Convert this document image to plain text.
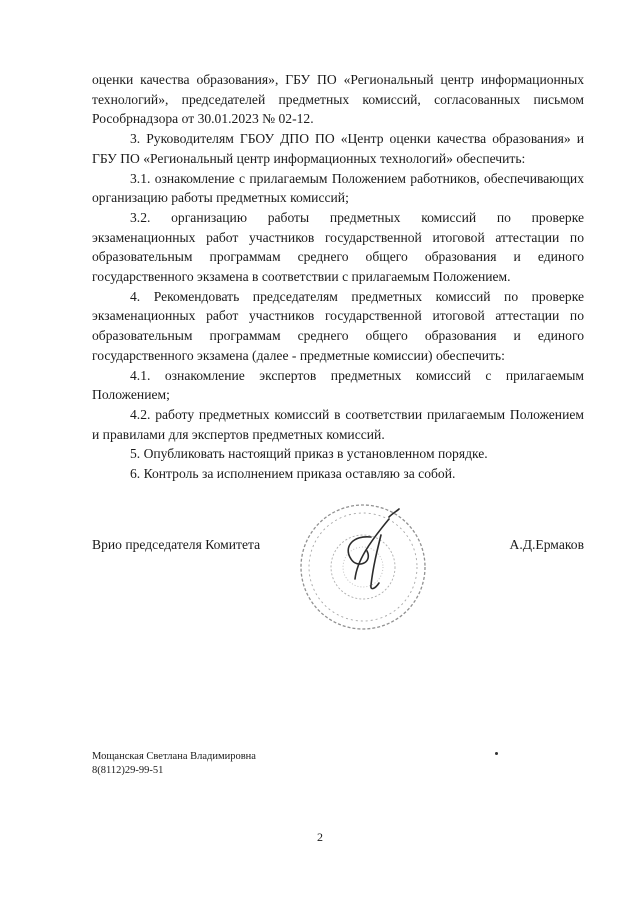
оценки качества образования», ГБУ ПО «Региональный центр информационных технологий», председателей предметных комиссий, согласованных письмом Рособрнадзора от 30.01.2023 № 02-12.

3. Руководителям ГБОУ ДПО ПО «Центр оценки качества образования» и ГБУ ПО «Региональный центр информационных технологий» обеспечить:

3.1. ознакомление с прилагаемым Положением работников, обеспечивающих организацию работы предметных комиссий;

3.2. организацию работы предметных комиссий по проверке экзаменационных работ участников государственной итоговой аттестации по образовательным программам среднего общего образования и единого государственного экзамена в соответствии с прилагаемым Положением.

4. Рекомендовать председателям предметных комиссий по проверке экзаменационных работ участников государственной итоговой аттестации по образовательным программам среднего общего образования и единого государственного экзамена (далее - предметные комиссии) обеспечить:

4.1. ознакомление экспертов предметных комиссий с прилагаемым Положением;

4.2. работу предметных комиссий в соответствии прилагаемым Положением и правилами для экспертов предметных комиссий.

5. Опубликовать настоящий приказ в установленном порядке.

6. Контроль за исполнением приказа оставляю за собой.

Врио председателя Комитета	А.Д.Ермаков
Мощанская Светлана Владимировна
8(8112)29-99-51
2
